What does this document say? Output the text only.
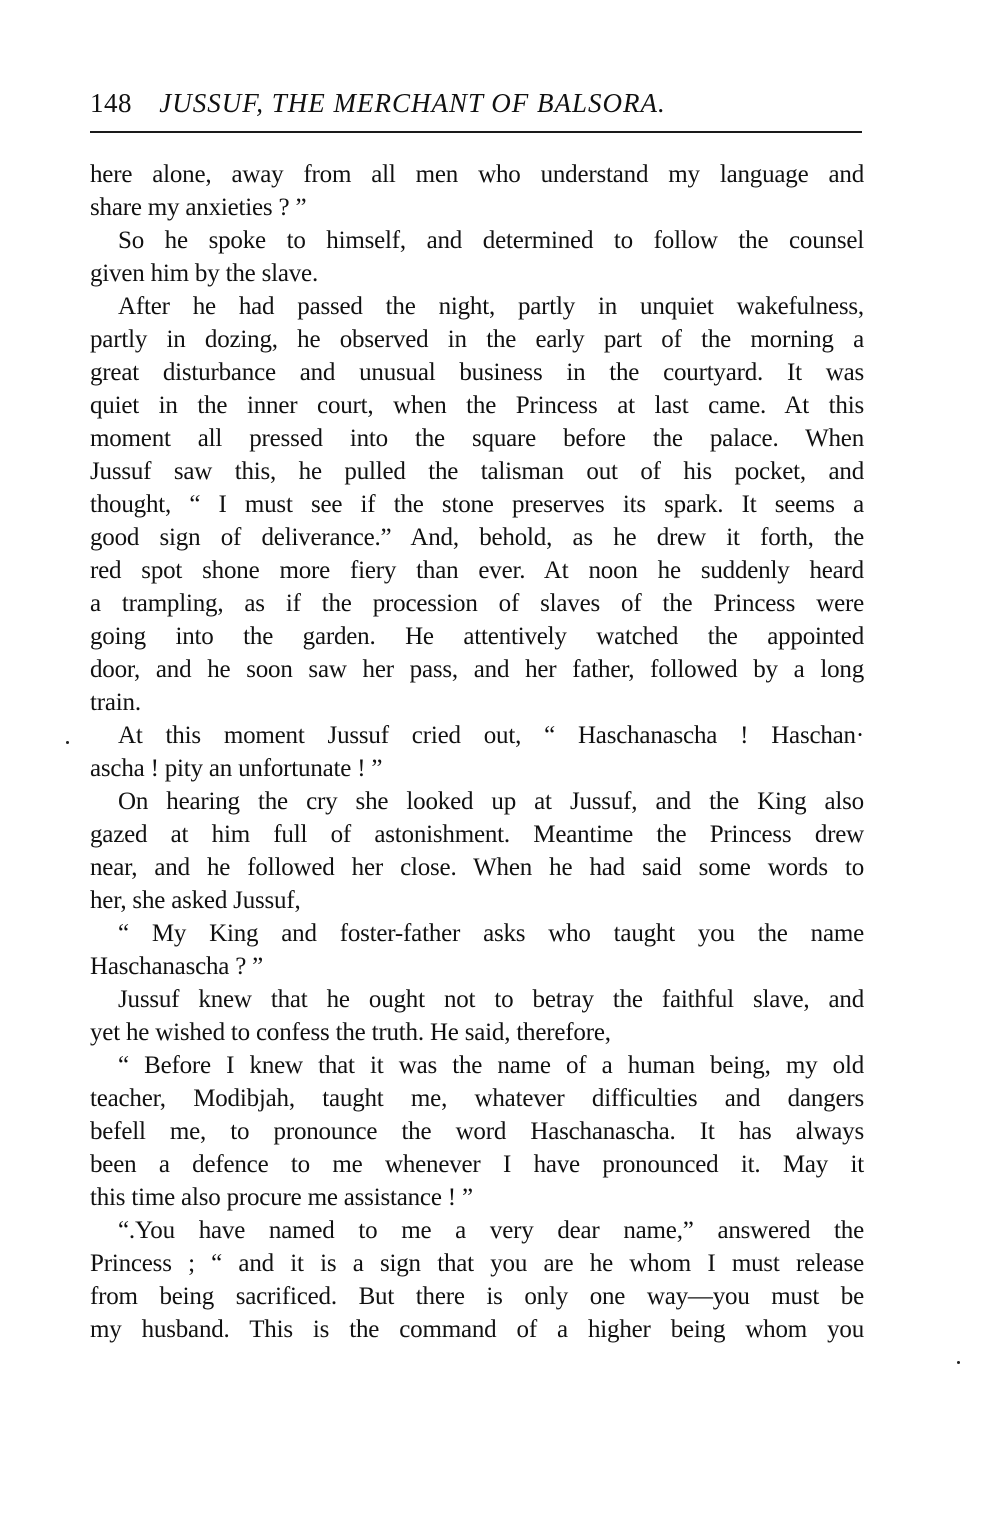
148 JUSSUF, THE MERCHANT OF BALSORA.
here alone, away from all men who understand my language and
share my anxieties ? ”
So he spoke to himself, and determined to follow the counsel
given him by the slave.
After he had passed the night, partly in unquiet wakefulness,
partly in dozing, he observed in the early part of the morning a
great disturbance and unusual business in the courtyard. It was
quiet in the inner court, when the Princess at last came. At this
moment all pressed into the square before the palace. When
Jussuf saw this, he pulled the talisman out of his pocket, and
thought, “ I must see if the stone preserves its spark. It seems a
good sign of deliverance.” And, behold, as he drew it forth, the
red spot shone more fiery than ever. At noon he suddenly heard
a trampling, as if the procession of slaves of the Princess were
going into the garden. He attentively watched the appointed
door, and he soon saw her pass, and her father, followed by a long
train.
At this moment Jussuf cried out, “ Haschanascha ! Haschan·
ascha ! pity an unfortunate ! ”
On hearing the cry she looked up at Jussuf, and the King also
gazed at him full of astonishment. Meantime the Princess drew
near, and he followed her close. When he had said some words to
her, she asked Jussuf,
“ My King and foster-father asks who taught you the name
Haschanascha ? ”
Jussuf knew that he ought not to betray the faithful slave, and
yet he wished to confess the truth. He said, therefore,
“ Before I knew that it was the name of a human being, my old
teacher, Modibjah, taught me, whatever difficulties and dangers
befell me, to pronounce the word Haschanascha. It has always
been a defence to me whenever I have pronounced it. May it
this time also procure me assistance ! ”
“.You have named to me a very dear name,” answered the
Princess ; “ and it is a sign that you are he whom I must release
from being sacrificed. But there is only one way—you must be
my husband. This is the command of a higher being whom you
